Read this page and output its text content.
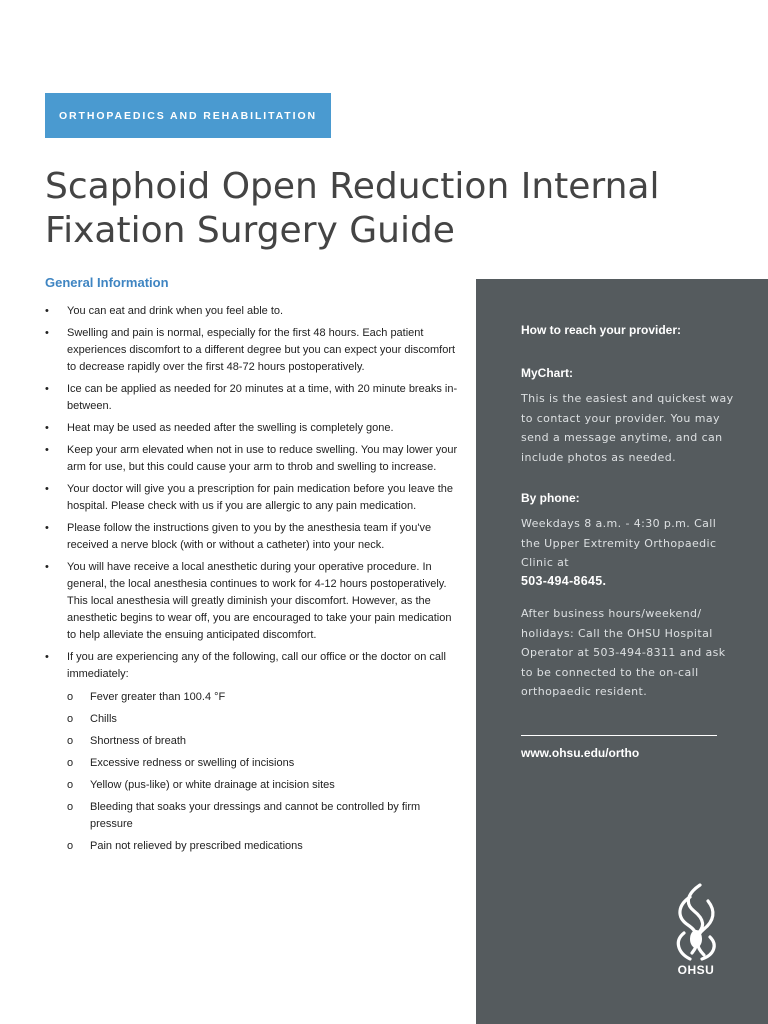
ORTHOPAEDICS AND REHABILITATION
Scaphoid Open Reduction Internal
Fixation Surgery Guide
General Information
• You can eat and drink when you feel able to.
• Swelling and pain is normal, especially for the first 48 hours. Each patient experiences discomfort to a different degree but you can expect your discomfort to decrease rapidly over the first 48-72 hours postoperatively.
• Ice can be applied as needed for 20 minutes at a time, with 20 minute breaks in-between.
• Heat may be used as needed after the swelling is completely gone.
• Keep your arm elevated when not in use to reduce swelling. You may lower your arm for use, but this could cause your arm to throb and swelling to increase.
• Your doctor will give you a prescription for pain medication before you leave the hospital. Please check with us if you are allergic to any pain medication.
• Please follow the instructions given to you by the anesthesia team if you've received a nerve block (with or without a catheter) into your neck.
• You will have receive a local anesthetic during your operative procedure. In general, the local anesthesia continues to work for 4-12 hours postoperatively. This local anesthesia will greatly diminish your discomfort. However, as the anesthetic begins to wear off, you are encouraged to take your pain medication to help alleviate the ensuing anticipated discomfort.
• If you are experiencing any of the following, call our office or the doctor on call immediately:
o Fever greater than 100.4 °F
o Chills
o Shortness of breath
o Excessive redness or swelling of incisions
o Yellow (pus-like) or white drainage at incision sites
o Bleeding that soaks your dressings and cannot be controlled by firm pressure
o Pain not relieved by prescribed medications
How to reach your provider:
MyChart:

This is the easiest and quickest way to contact your provider. You may send a message anytime, and can include photos as needed.

By phone:

Weekdays 8 a.m. - 4:30 p.m. Call the Upper Extremity Orthopaedic Clinic at

503-494-8645.

After business hours/weekend/ holidays: Call the OHSU Hospital Operator at 503-494-8311 and ask to be connected to the on-call orthopaedic resident.

www.ohsu.edu/ortho

OHSU
